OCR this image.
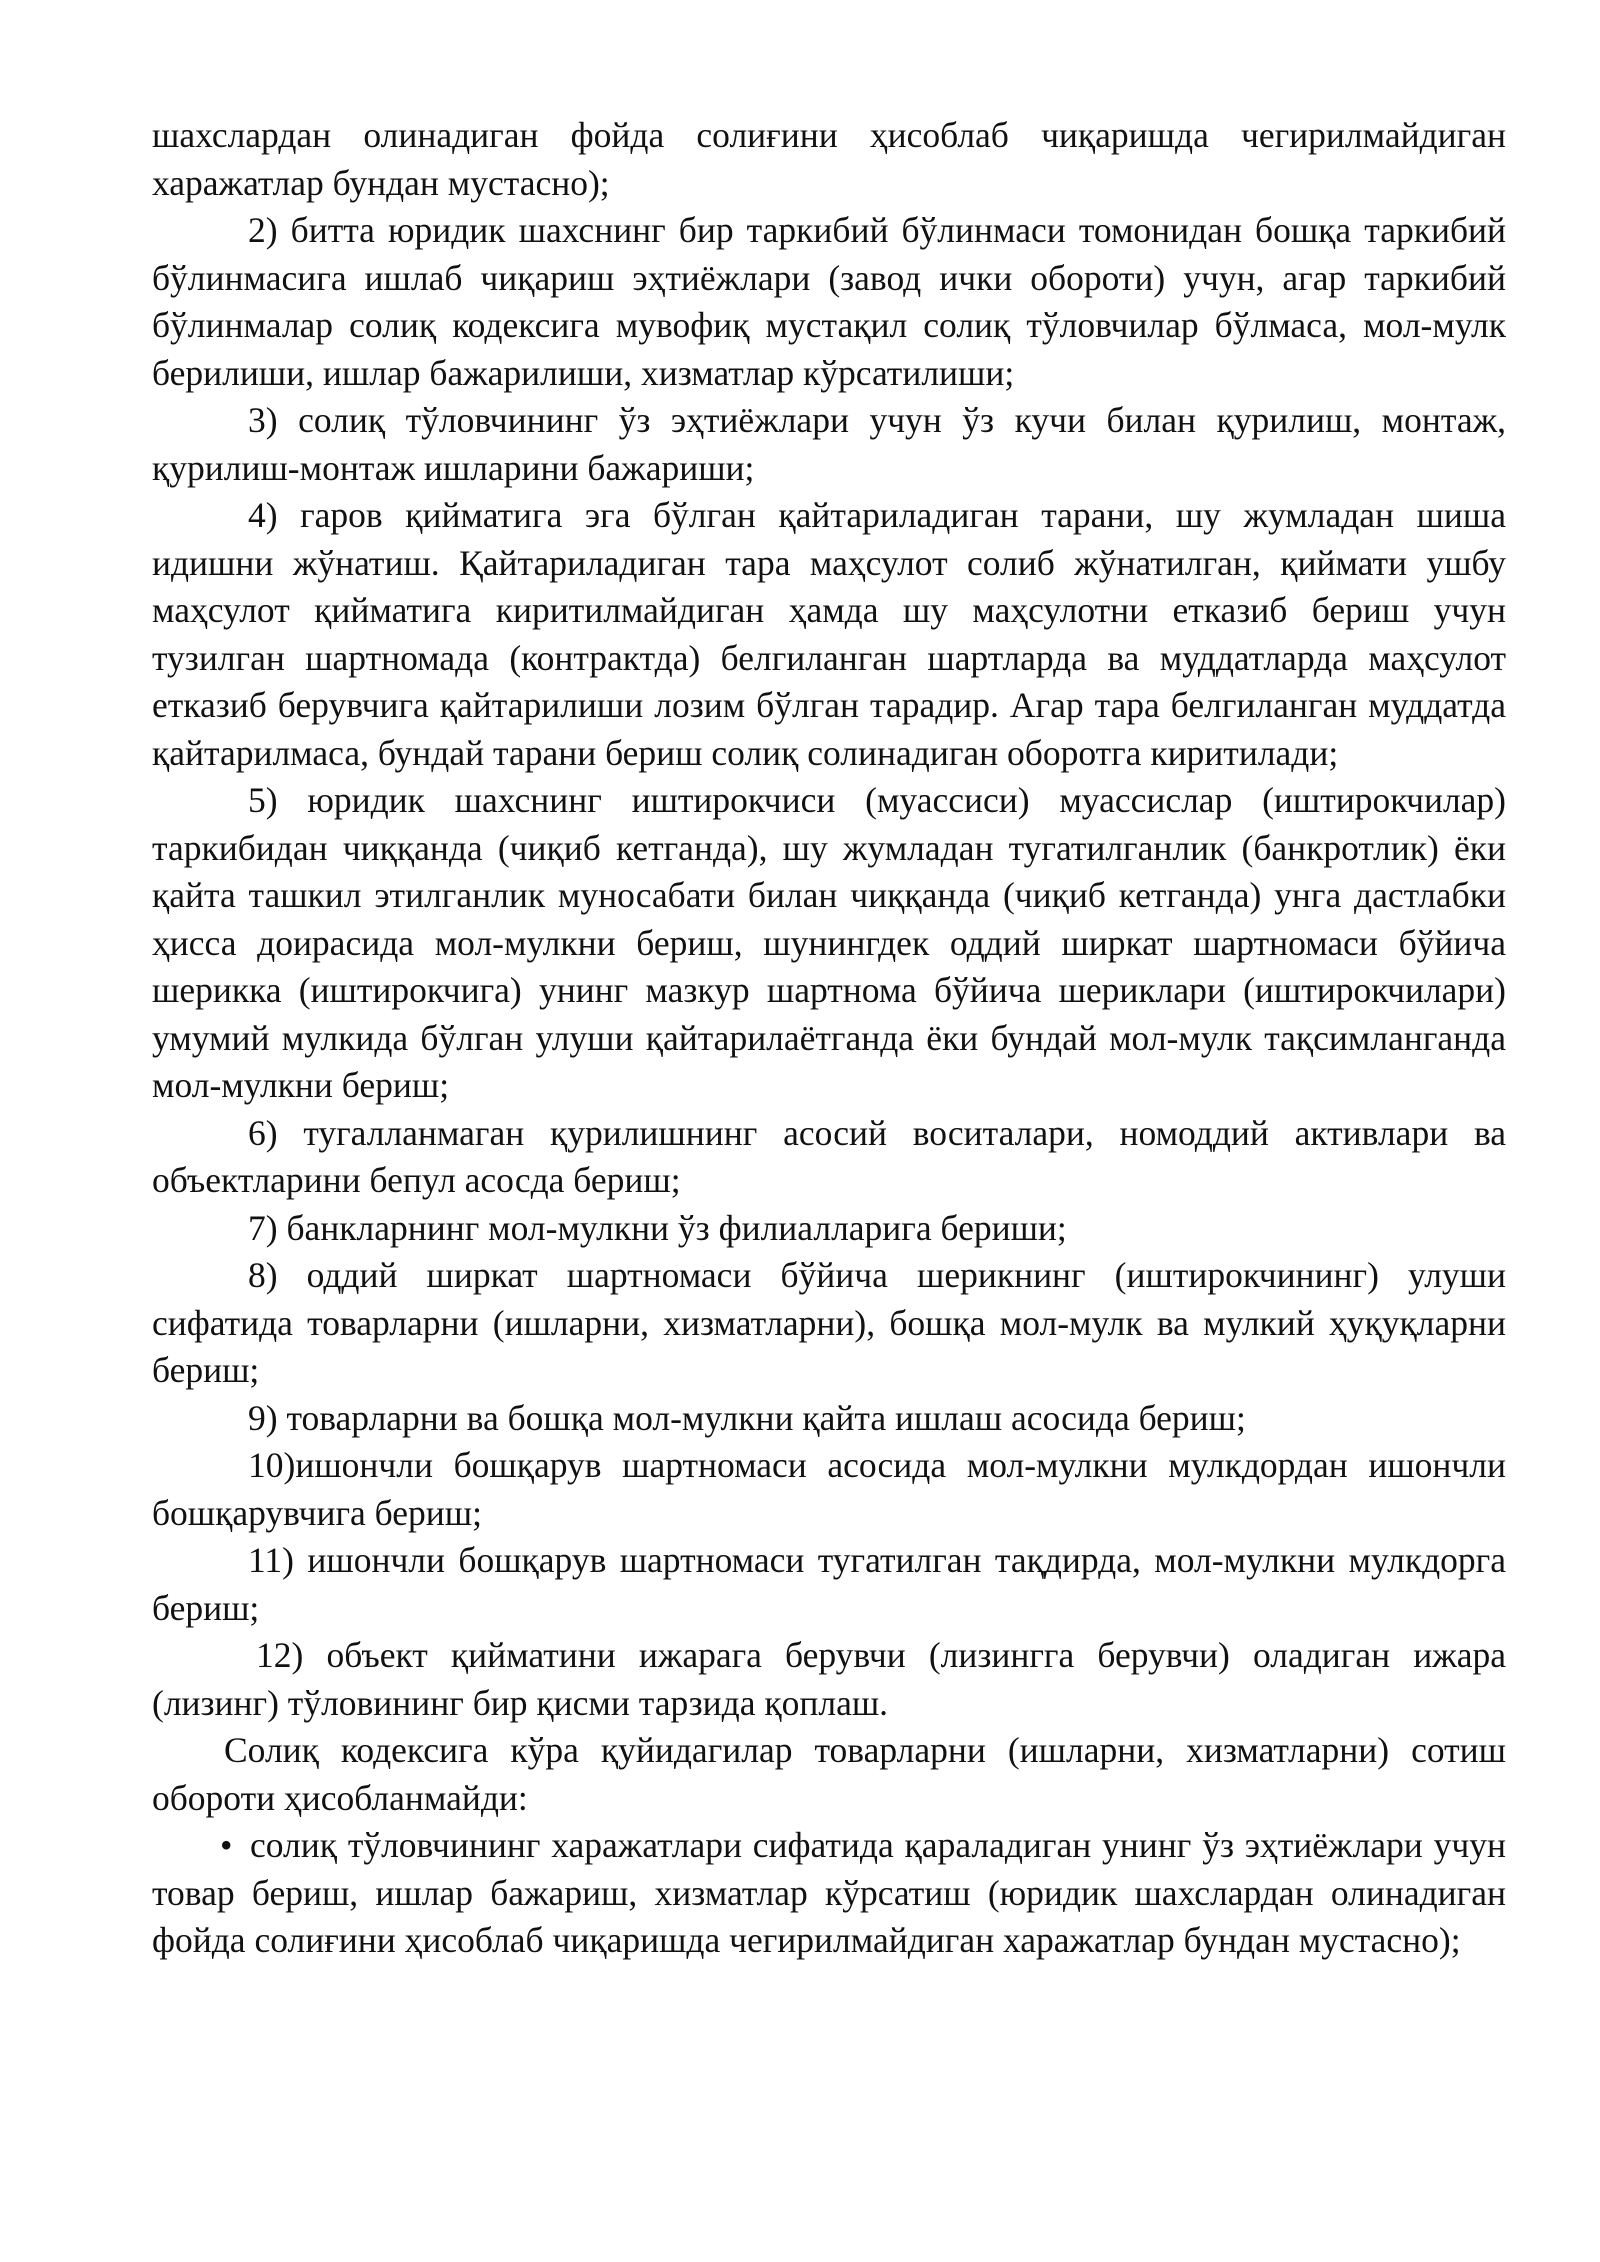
шахслардан олинадиган фойда солиғини ҳисоблаб чиқаришда чегирилмайдиган харажатлар бундан мустасно);

2) битта юридик шахснинг бир таркибий бўлинмаси томонидан бошқа таркибий бўлинмасига ишлаб чиқариш эҳтиёжлари (завод ички обороти) учун, агар таркибий бўлинмалар солиқ кодексига мувофиқ мустақил солиқ тўловчилар бўлмаса, мол-мулк берилиши, ишлар бажарилиши, хизматлар кўрсатилиши;

3) солиқ тўловчининг ўз эҳтиёжлари учун ўз кучи билан қурилиш, монтаж, қурилиш-монтаж ишларини бажариши;

4) гаров қийматига эга бўлган қайтариладиган тарани, шу жумладан шиша идишни жўнатиш. Қайтариладиган тара маҳсулот солиб жўнатилган, қиймати ушбу маҳсулот қийматига киритилмайдиган ҳамда шу маҳсулотни етказиб бериш учун тузилган шартномада (контрактда) белгиланган шартларда ва муддатларда маҳсулот етказиб берувчига қайтарилиши лозим бўлган тарадир. Агар тара белгиланган муддатда қайтарилмаса, бундай тарани бериш солиқ солинадиган оборотга киритилади;

5) юридик шахснинг иштирокчиси (муассиси) муассислар (иштирокчилар) таркибидан чиққанда (чиқиб кетганда), шу жумладан тугатилганлик (банкротлик) ёки қайта ташкил этилганлик муносабати билан чиққанда (чиқиб кетганда) унга дастлабки ҳисса доирасида мол-мулкни бериш, шунингдек оддий ширкат шартномаси бўйича шерикка (иштирокчига) унинг мазкур шартнома бўйича шериклари (иштирокчилари) умумий мулкида бўлган улуши қайтарилаётганда ёки бундай мол-мулк тақсимланганда мол-мулкни бериш;

6) тугалланмаган қурилишнинг асосий воситалари, номоддий активлари ва объектларини бепул асосда бериш;

7) банкларнинг мол-мулкни ўз филиалларига бериши;

8) оддий ширкат шартномаси бўйича шерикнинг (иштирокчининг) улуши сифатида товарларни (ишларни, хизматларни), бошқа мол-мулк ва мулкий ҳуқуқларни бериш;

9) товарларни ва бошқа мол-мулкни қайта ишлаш асосида бериш;

10)ишончли бошқарув шартномаси асосида мол-мулкни мулкдордан ишончли бошқарувчига бериш;

11) ишончли бошқарув шартномаси тугатилган тақдирда, мол-мулкни мулкдорга бериш;

12) объект қийматини ижарага берувчи (лизингга берувчи) оладиган ижара (лизинг) тўловининг бир қисми тарзида қоплаш.

Солиқ кодексига кўра қуйидагилар товарларни (ишларни, хизматларни) сотиш обороти ҳисобланмайди:

• солиқ тўловчининг харажатлари сифатида қараладиган унинг ўз эҳтиёжлари учун товар бериш, ишлар бажариш, хизматлар кўрсатиш (юридик шахслардан олинадиган фойда солиғини ҳисоблаб чиқаришда чегирилмайдиган харажатлар бундан мустасно);
